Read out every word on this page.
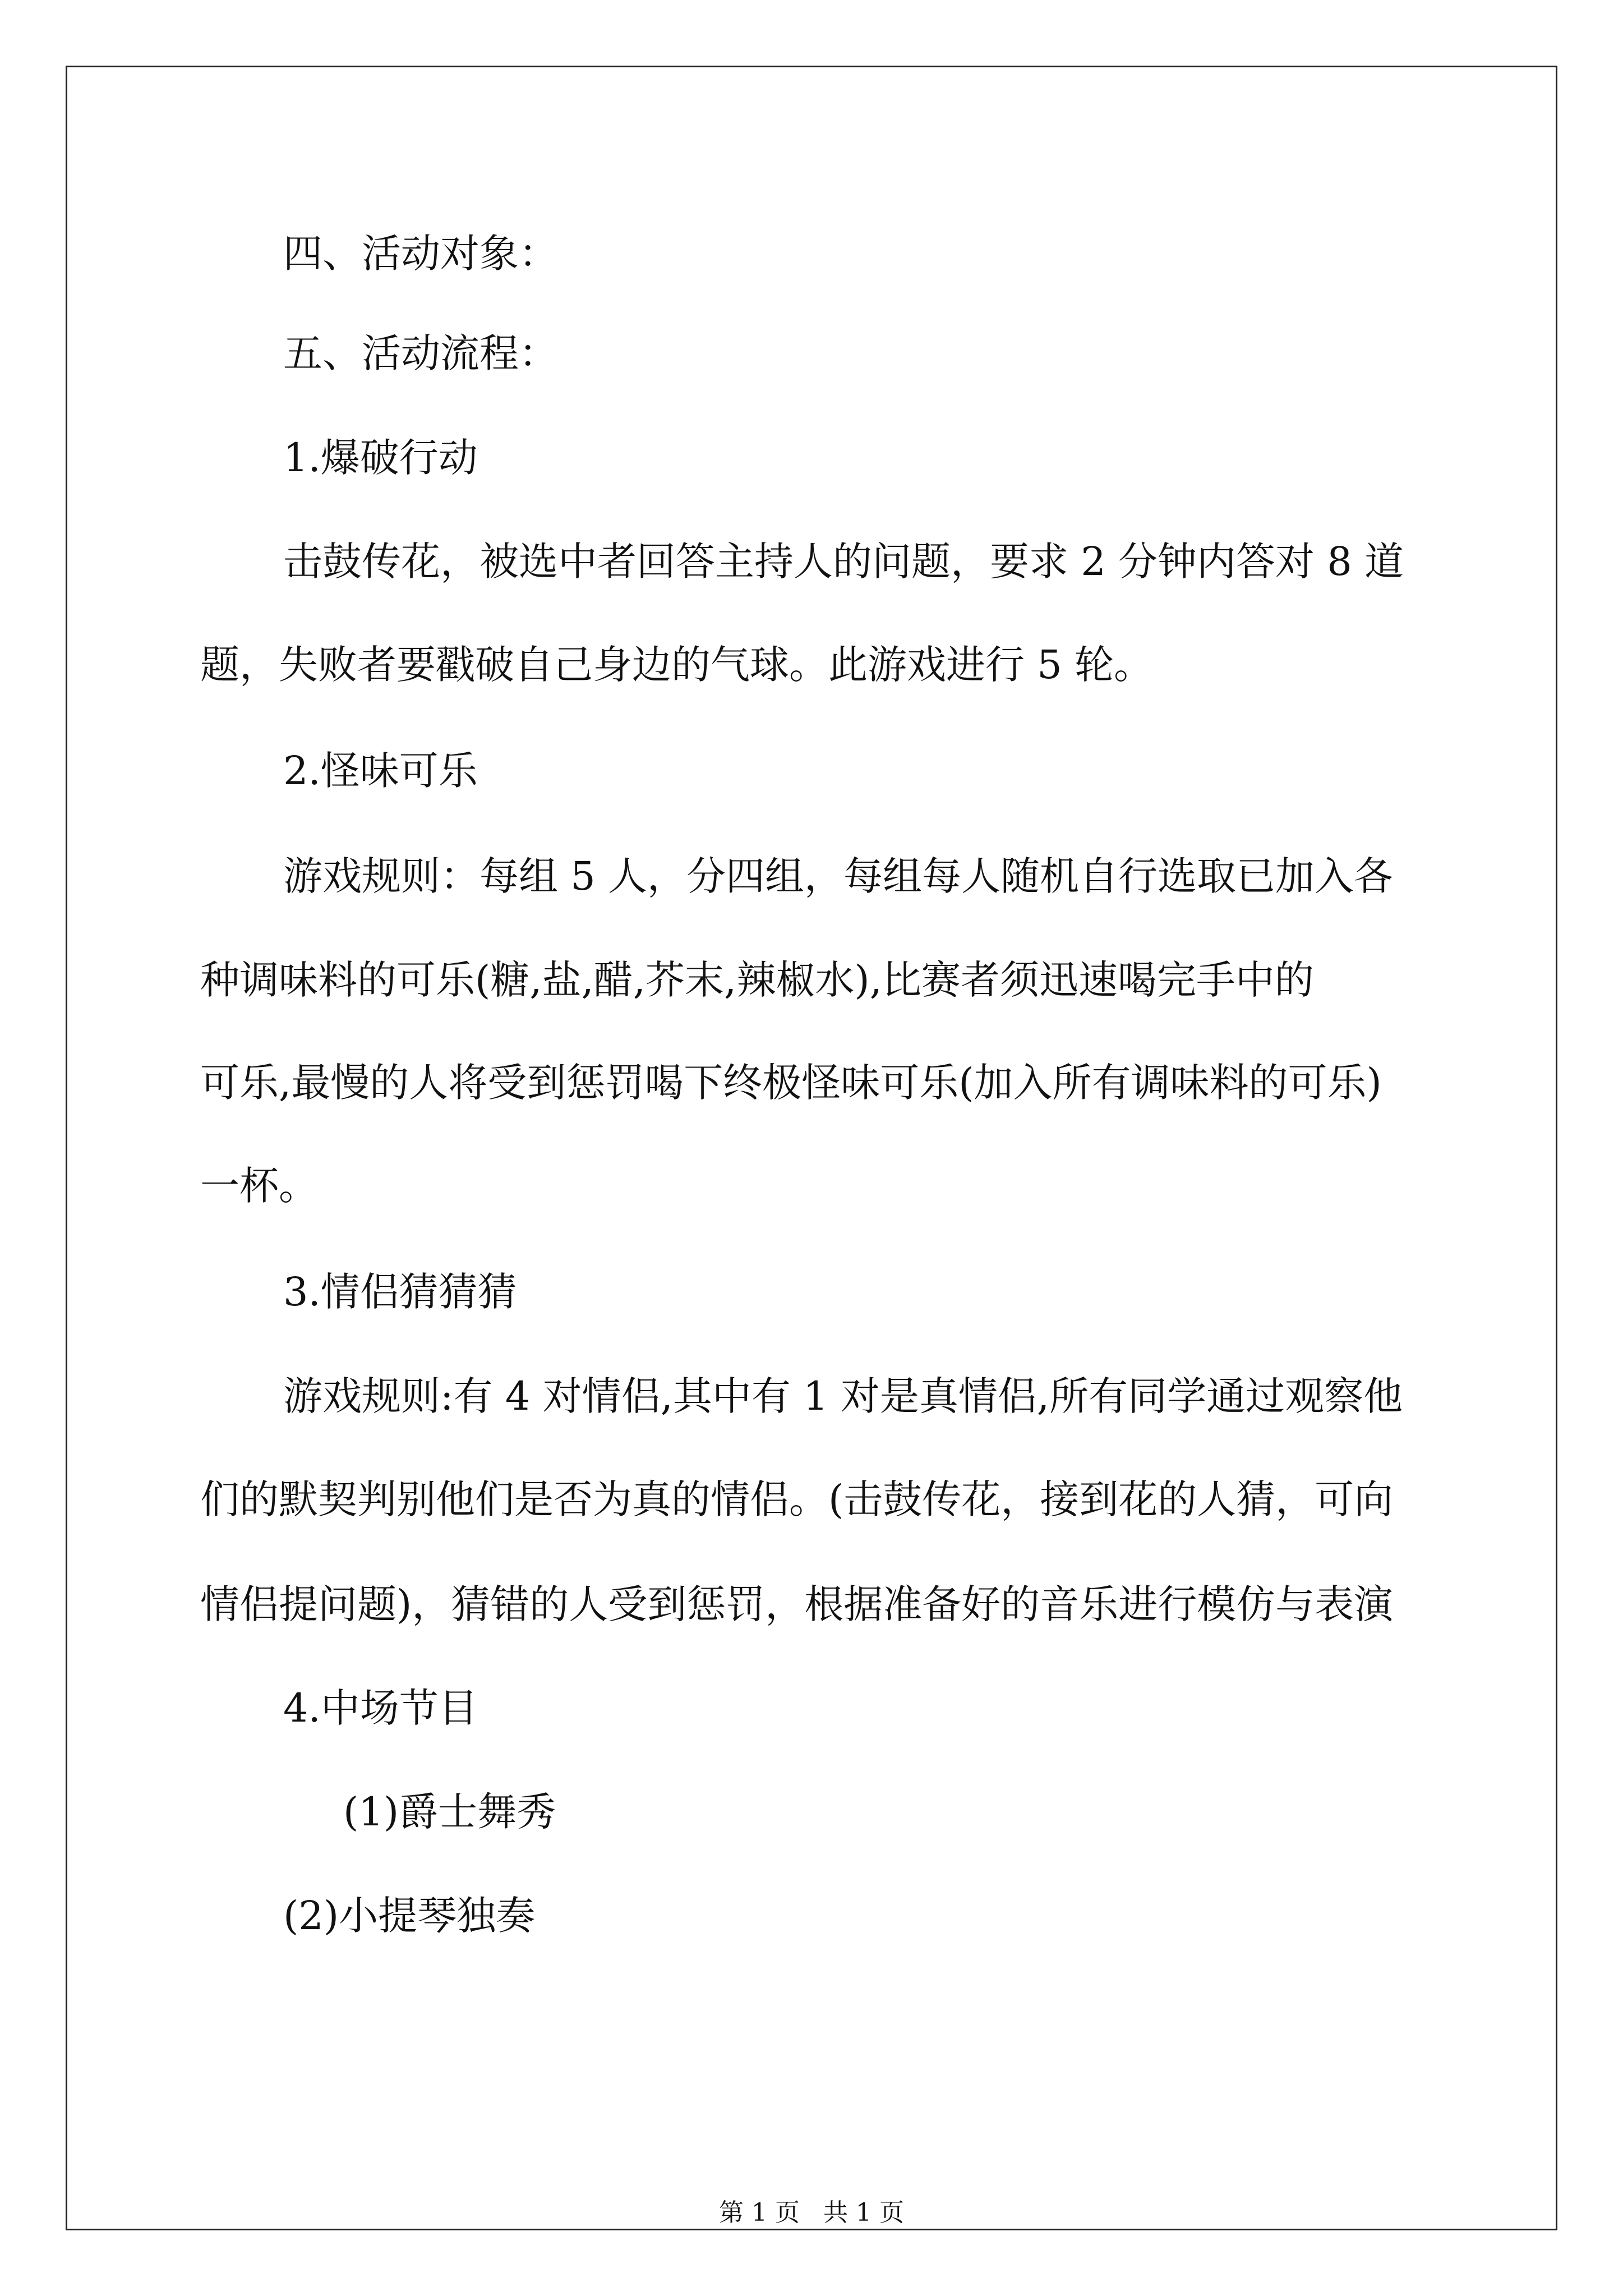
四、活动对象：
五、活动流程：
1.爆破行动
击鼓传花，被选中者回答主持人的问题，要求 2 分钟内答对 8 道
题，失败者要戳破自己身边的气球。此游戏进行 5 轮。
2.怪味可乐
游戏规则：每组 5 人，分四组，每组每人随机自行选取已加入各
种调味料的可乐(糖,盐,醋,芥末,辣椒水),比赛者须迅速喝完手中的
可乐,最慢的人将受到惩罚喝下终极怪味可乐(加入所有调味料的可乐)
一杯。
3.情侣猜猜猜
游戏规则:有 4 对情侣,其中有 1 对是真情侣,所有同学通过观察他
们的默契判别他们是否为真的情侣。(击鼓传花，接到花的人猜，可向
情侣提问题)，猜错的人受到惩罚，根据准备好的音乐进行模仿与表演
4.中场节目
(1)爵士舞秀
(2)小提琴独奏
第 1 页   共 1 页
